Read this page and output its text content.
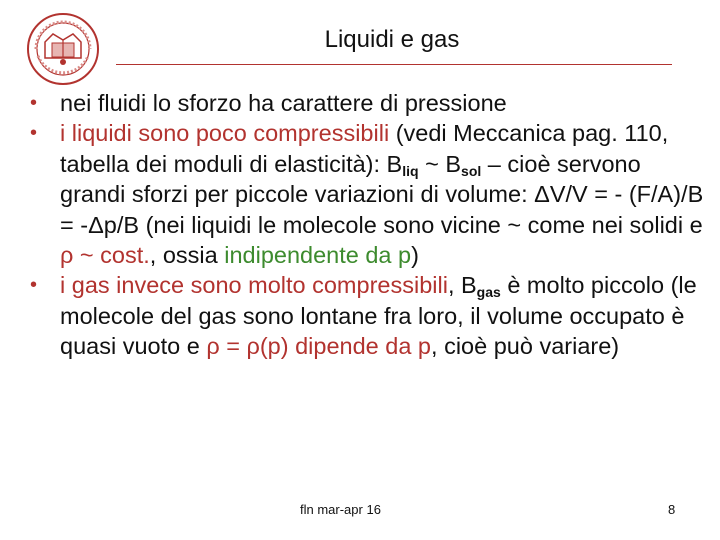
Liquidi e gas
• nei fluidi lo sforzo ha carattere di pressione
• i liquidi sono poco compressibili (vedi Meccanica pag. 110, tabella dei moduli di elasticità): $B_{liq}$ ~ $B_{sol}$ – cioè servono grandi sforzi per piccole variazioni di volume: ΔV/V = - (F/A)/B = -Δp/B (nei liquidi le molecole sono vicine ~ come nei solidi e ρ ~ cost., ossia indipendente da p)
• i gas invece sono molto compressibili, $B_{gas}$ è molto piccolo (le molecole del gas sono lontane fra loro, il volume occupato è quasi vuoto e ρ = ρ(p) dipende da p, cioè può variare)
fln mar-apr 16	8
